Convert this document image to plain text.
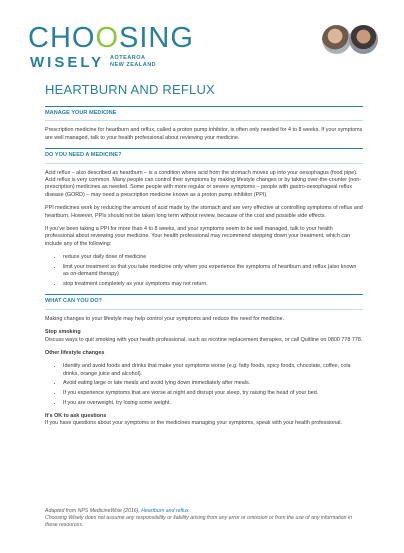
CHOOSING
WISELY AOTEAROA
NEW ZEALAND
HEARTBURN AND REFLUX
MANAGE YOUR MEDICINE

Prescription medicine for heartburn and reflux, called a proton pump inhibitor, is often only needed for 4 to 8 weeks. If your symptoms are well managed, talk to your health professional about reviewing your medicine.

DO YOU NEED A MEDICINE?

Acid reflux – also described as heartburn – is a condition where acid from the stomach moves up into your oesophagus (food pipe). Acid reflux is very common. Many people can control their symptoms by making lifestyle changes or by taking over-the-counter (non-prescription) medicines as needed. Some people with more regular or severe symptoms – people with gastro-oesophageal reflux disease (GORD) – may need a prescription medicine known as a proton pump inhibitor (PPI).

PPI medicines work by reducing the amount of acid made by the stomach and are very effective at controlling symptoms of reflux and heartburn. However, PPIs should not be taken long term without review, because of the cost and possible side effects.

If you've been taking a PPI for more than 4 to 8 weeks, and your symptoms seem to be well managed, talk to your health professional about reviewing your medicine. Your health professional may recommend stepping down your treatment, which can include any of the following:

• reduce your daily dose of medicine
• limit your treatment so that you take medicine only when you experience the symptoms of heartburn and reflux (also known as on-demand therapy)
• stop treatment completely as your symptoms may not return.
WHAT CAN YOU DO?

Making changes to your lifestyle may help control your symptoms and reduce the need for medicine.

Stop smoking

Discuss ways to quit smoking with your health professional, such as nicotine replacement therapies, or call Quitline on 0800 778 778.

Other lifestyle changes
• Identify and avoid foods and drinks that make your symptoms worse (e.g. fatty foods, spicy foods, chocolate, coffee, cola drinks, orange juice and alcohol).
• Avoid eating large or late meals and avoid lying down immediately after meals.
• If you experience symptoms that are worse at night and disrupt your sleep, try raising the head of your bed.
• If you are overweight, try losing some weight.
It's OK to ask questions

If you have questions about your symptoms or the medicines managing your symptoms, speak with your health professional.

Adapted from NPS MedicineWise (2016), Heartburn and reflux.
Choosing Wisely does not assume any responsibility or liability arising from any error or omission or from the use of any information in these resources.
